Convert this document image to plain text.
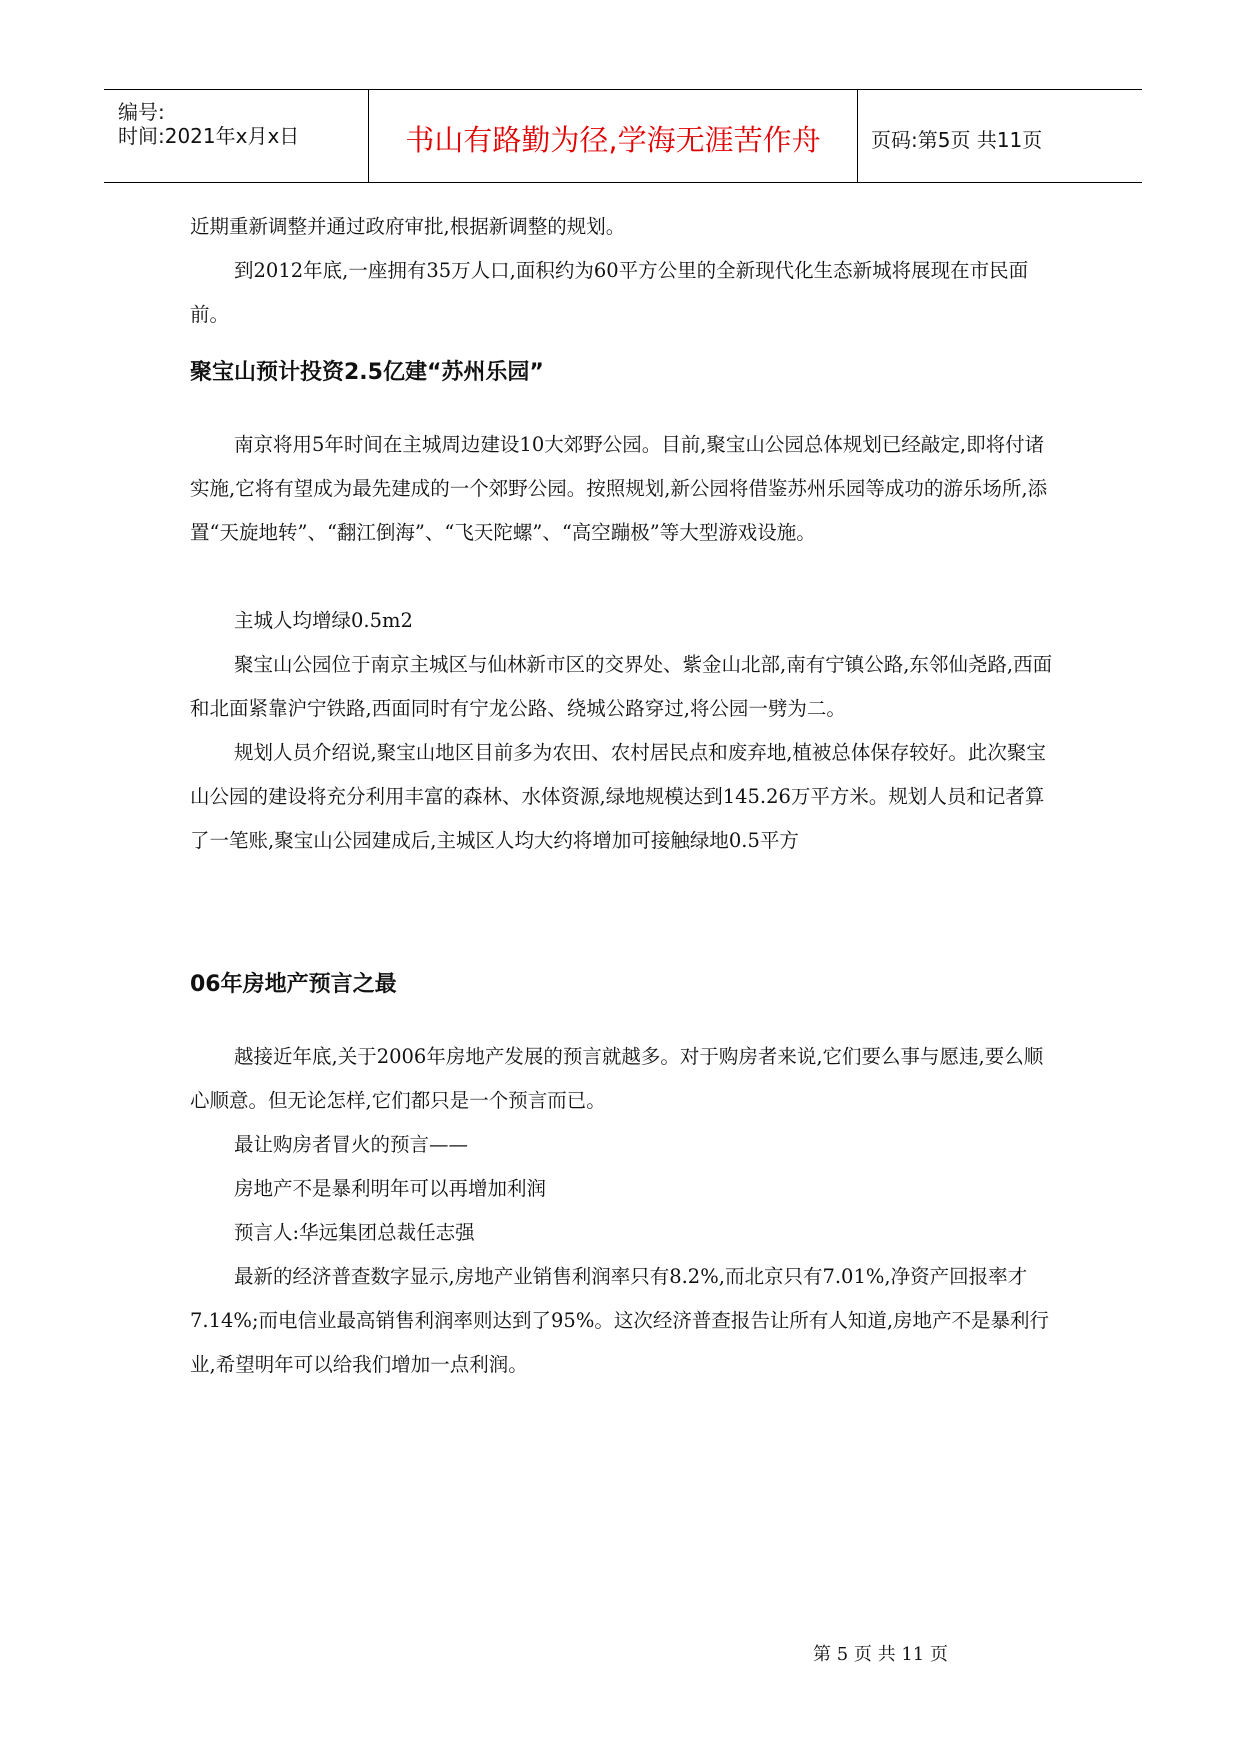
编号:
时间:2021年x月x日	书山有路勤为径,学海无涯苦作舟	页码:第5页 共11页
近期重新调整并通过政府审批,根据新调整的规划。
到2012年底,一座拥有35万人口,面积约为60平方公里的全新现代化生态新城将展现在市民面前。
聚宝山预计投资2.5亿建“苏州乐园”
南京将用5年时间在主城周边建设10大郊野公园。目前,聚宝山公园总体规划已经敲定,即将付诸实施,它将有望成为最先建成的一个郊野公园。按照规划,新公园将借鉴苏州乐园等成功的游乐场所,添置“天旋地转”、“翻江倒海”、“飞天陀螺”、“高空蹦极”等大型游戏设施。
主城人均增绿0.5m2
聚宝山公园位于南京主城区与仙林新市区的交界处、紫金山北部,南有宁镇公路,东邻仙尧路,西面和北面紧靠沪宁铁路,西面同时有宁龙公路、绕城公路穿过,将公园一劈为二。
规划人员介绍说,聚宝山地区目前多为农田、农村居民点和废弃地,植被总体保存较好。此次聚宝山公园的建设将充分利用丰富的森林、水体资源,绿地规模达到145.26万平方米。规划人员和记者算了一笔账,聚宝山公园建成后,主城区人均大约将增加可接触绿地0.5平方
06年房地产预言之最
越接近年底,关于2006年房地产发展的预言就越多。对于购房者来说,它们要么事与愿违,要么顺心顺意。但无论怎样,它们都只是一个预言而已。
最让购房者冒火的预言——
房地产不是暴利明年可以再增加利润
预言人:华远集团总裁任志强
最新的经济普查数字显示,房地产业销售利润率只有8.2%,而北京只有7.01%,净资产回报率才7.14%;而电信业最高销售利润率则达到了95%。这次经济普查报告让所有人知道,房地产不是暴利行业,希望明年可以给我们增加一点利润。
第 5 页 共 11 页
